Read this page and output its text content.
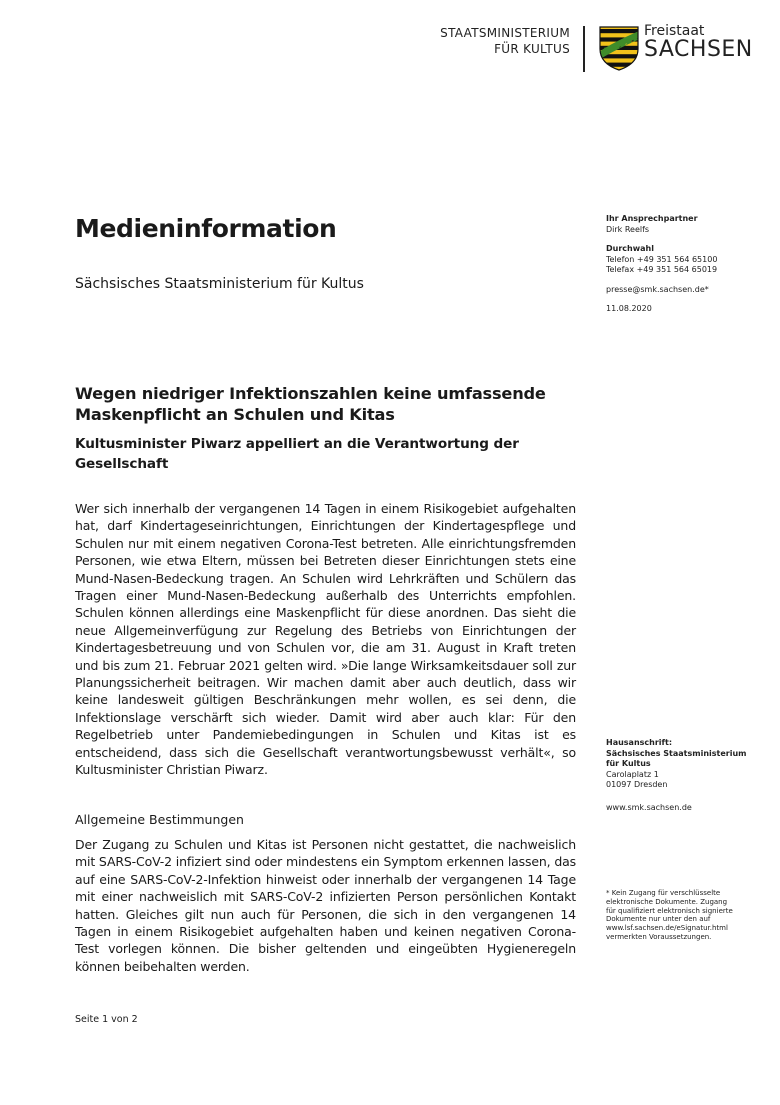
STAATSMINISTERIUM
FÜR KULTUS
Freistaat
SACHSEN
Medieninformation
Sächsisches Staatsministerium für Kultus
Ihr Ansprechpartner
Dirk Reelfs
Durchwahl
Telefon +49 351 564 65100
Telefax +49 351 564 65019
presse@smk.sachsen.de*
11.08.2020
Hausanschrift:
Sächsisches Staatsministerium
für Kultus
Carolaplatz 1
01097 Dresden
www.smk.sachsen.de
* Kein Zugang für verschlüsselte
elektronische Dokumente. Zugang
für qualifiziert elektronisch signierte
Dokumente nur unter den auf
www.lsf.sachsen.de/eSignatur.html
vermerkten Voraussetzungen.
Wegen niedriger Infektionszahlen keine umfassende Maskenpflicht an Schulen und Kitas
Kultusminister Piwarz appelliert an die Verantwortung der Gesellschaft
Wer sich innerhalb der vergangenen 14 Tagen in einem Risikogebiet aufgehalten hat, darf Kindertageseinrichtungen, Einrichtungen der Kindertagespflege und Schulen nur mit einem negativen Corona-Test betreten. Alle einrichtungsfremden Personen, wie etwa Eltern, müssen bei Betreten dieser Einrichtungen stets eine Mund-Nasen-Bedeckung tragen. An Schulen wird Lehrkräften und Schülern das Tragen einer Mund-Nasen-Bedeckung außerhalb des Unterrichts empfohlen. Schulen können allerdings eine Maskenpflicht für diese anordnen. Das sieht die neue Allgemeinverfügung zur Regelung des Betriebs von Einrichtungen der Kindertagesbetreuung und von Schulen vor, die am 31. August in Kraft treten und bis zum 21. Februar 2021 gelten wird. »Die lange Wirksamkeitsdauer soll zur Planungssicherheit beitragen. Wir machen damit aber auch deutlich, dass wir keine landesweit gültigen Beschränkungen mehr wollen, es sei denn, die Infektionslage verschärft sich wieder. Damit wird aber auch klar: Für den Regelbetrieb unter Pandemiebedingungen in Schulen und Kitas ist es entscheidend, dass sich die Gesellschaft verantwortungsbewusst verhält«, so Kultusminister Christian Piwarz.
Allgemeine Bestimmungen
Der Zugang zu Schulen und Kitas ist Personen nicht gestattet, die nachweislich mit SARS-CoV-2 infiziert sind oder mindestens ein Symptom erkennen lassen, das auf eine SARS-CoV-2-Infektion hinweist oder innerhalb der vergangenen 14 Tage mit einer nachweislich mit SARS-CoV-2 infizierten Person persönlichen Kontakt hatten. Gleiches gilt nun auch für Personen, die sich in den vergangenen 14 Tagen in einem Risikogebiet aufgehalten haben und keinen negativen Corona-Test vorlegen können. Die bisher geltenden und eingeübten Hygieneregeln können beibehalten werden.
Seite 1 von 2
